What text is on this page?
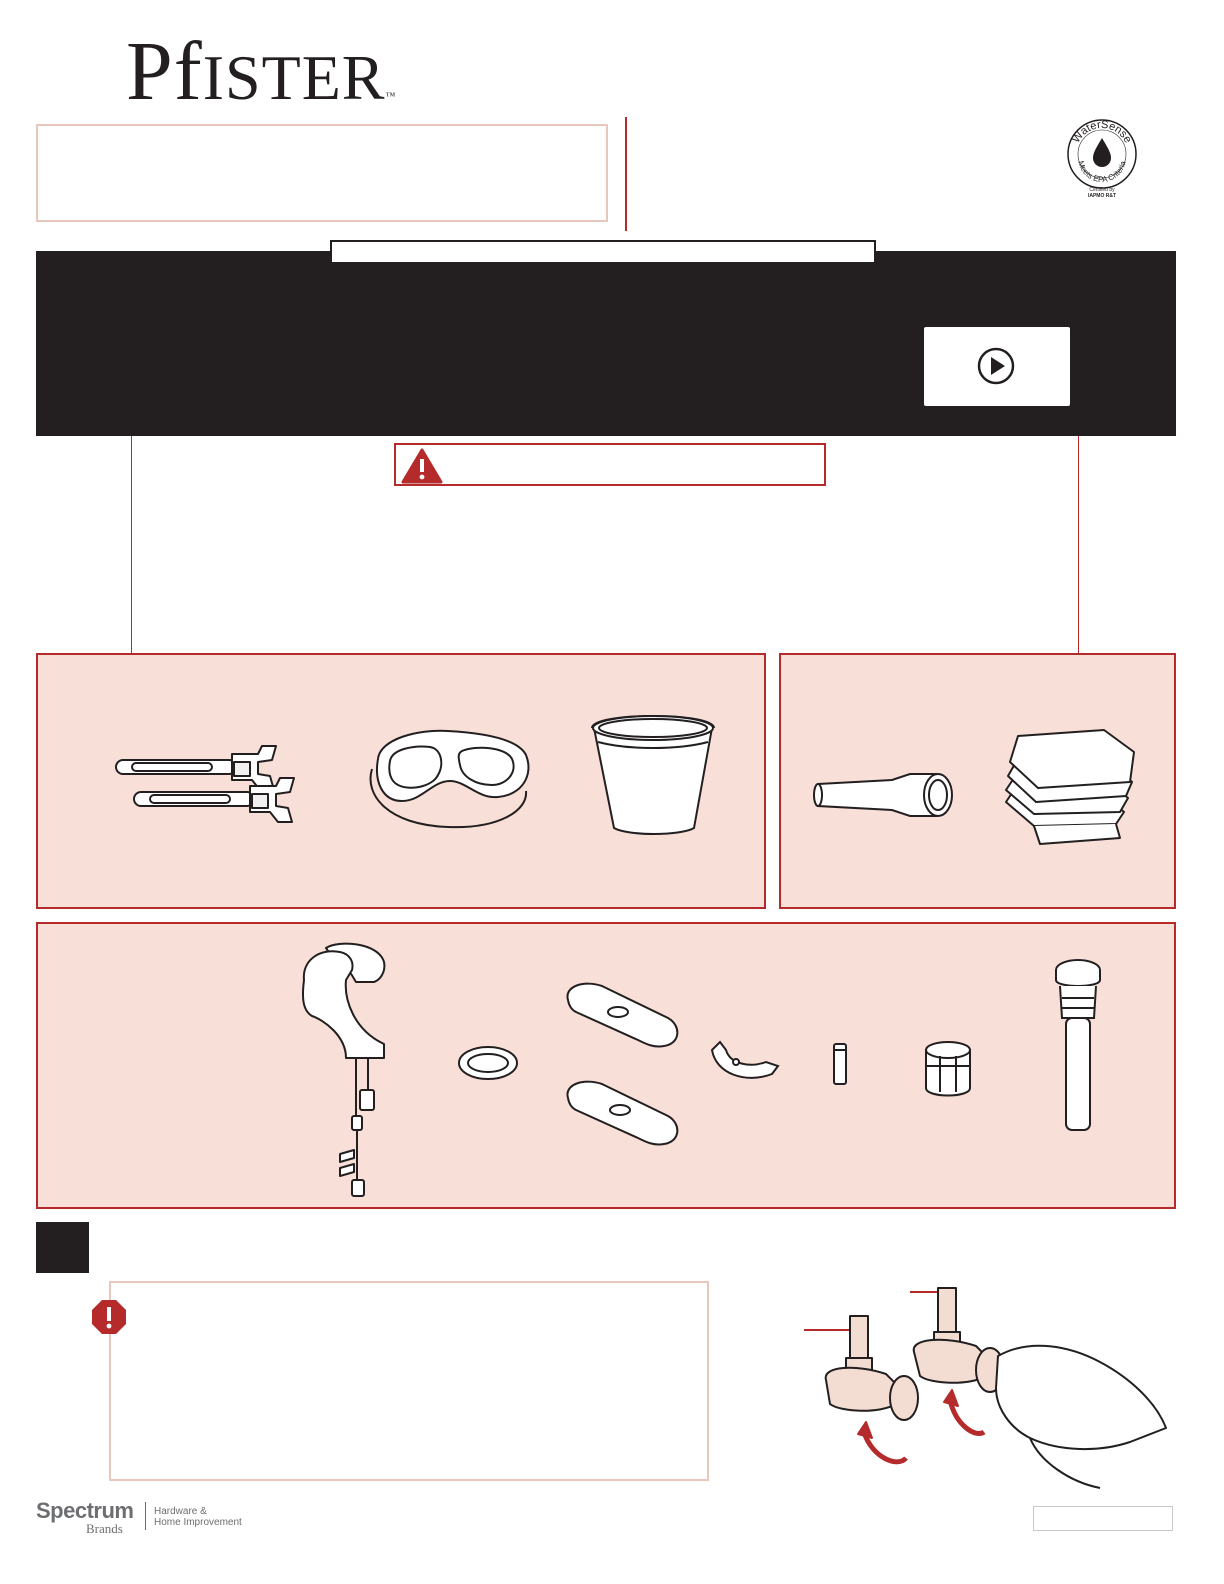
PfISTER™
WaterSense
Meets EPA Criteria
Certified by
IAPMO R&T
Spectrum
Brands
Hardware &
Home Improvement
